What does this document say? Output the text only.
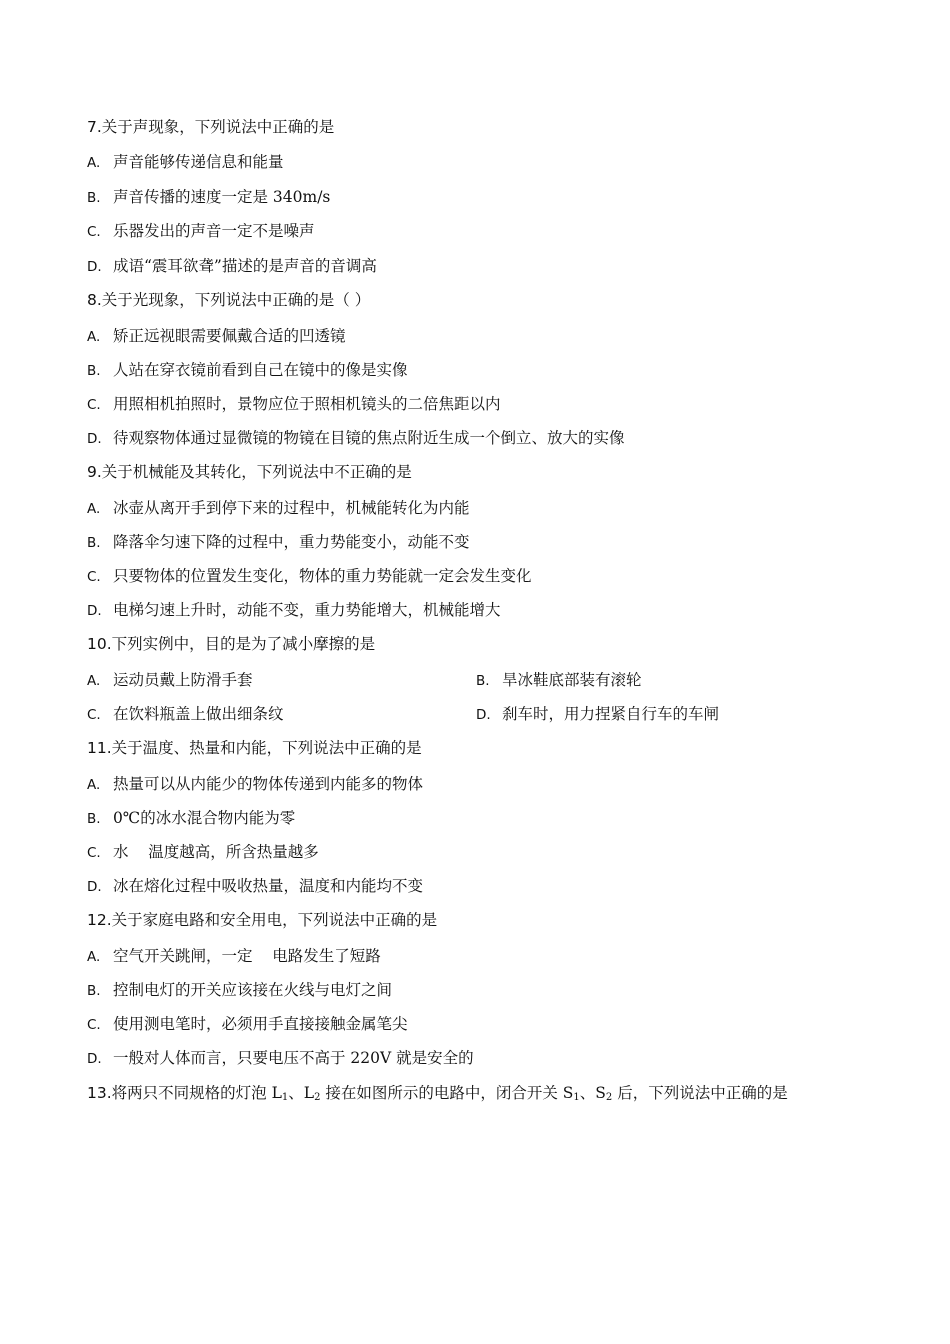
7.关于声现象，下列说法中正确的是
A. 声音能够传递信息和能量
B. 声音传播的速度一定是 340m/s
C. 乐器发出的声音一定不是噪声
D. 成语“震耳欲聋”描述的是声音的音调高
8.关于光现象，下列说法中正确的是（ ）
A. 矫正远视眼需要佩戴合适的凹透镜
B. 人站在穿衣镜前看到自己在镜中的像是实像
C. 用照相机拍照时，景物应位于照相机镜头的二倍焦距以内
D. 待观察物体通过显微镜的物镜在目镜的焦点附近生成一个倒立、放大的实像
9.关于机械能及其转化，下列说法中不正确的是
A. 冰壶从离开手到停下来的过程中，机械能转化为内能
B. 降落伞匀速下降的过程中，重力势能变小，动能不变
C. 只要物体的位置发生变化，物体的重力势能就一定会发生变化
D. 电梯匀速上升时，动能不变，重力势能增大，机械能增大
10.下列实例中，目的是为了减小摩擦的是
A. 运动员戴上防滑手套	B. 旱冰鞋底部装有滚轮
C. 在饮料瓶盖上做出细条纹	D. 刹车时，用力捏紧自行车的车闸
11.关于温度、热量和内能，下列说法中正确的是
A. 热量可以从内能少的物体传递到内能多的物体
B. 0℃的冰水混合物内能为零
C. 水    温度越高，所含热量越多
D. 冰在熔化过程中吸收热量，温度和内能均不变
12.关于家庭电路和安全用电，下列说法中正确的是
A. 空气开关跳闸，一定    电路发生了短路
B. 控制电灯的开关应该接在火线与电灯之间
C. 使用测电笔时，必须用手直接接触金属笔尖
D. 一般对人体而言，只要电压不高于 220V 就是安全的
13.将两只不同规格的灯泡 $L_1$、$L_2$ 接在如图所示的电路中，闭合开关 $S_1$、$S_2$ 后，下列说法中正确的是
